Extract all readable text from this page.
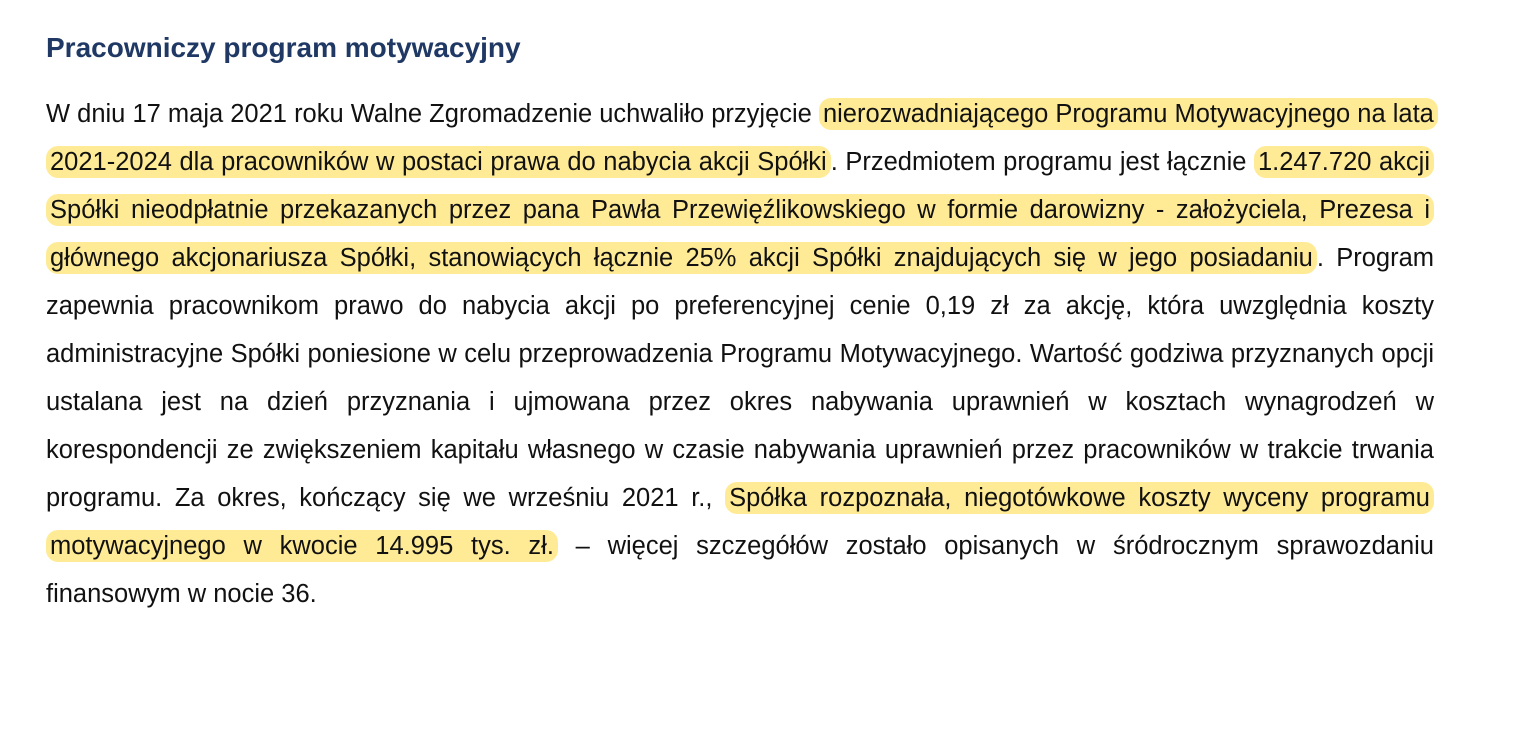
Pracowniczy program motywacyjny

W dniu 17 maja 2021 roku Walne Zgromadzenie uchwaliło przyjęcie nierozwadniającego Programu Motywacyjnego na lata 2021-2024 dla pracowników w postaci prawa do nabycia akcji Spółki . Przedmiotem programu jest łącznie 1.247.720 akcji Spółki nieodpłatnie przekazanych przez pana Pawła Przewięźlikowskiego w formie darowizny - założyciela, Prezesa i głównego akcjonariusza Spółki, stanowiących łącznie 25% akcji Spółki znajdujących się w jego posiadaniu . Program zapewnia pracownikom prawo do nabycia akcji po preferencyjnej cenie 0,19 zł za akcję, która uwzględnia koszty administracyjne Spółki poniesione w celu przeprowadzenia Programu Motywacyjnego. Wartość godziwa przyznanych opcji ustalana jest na dzień przyznania i ujmowana przez okres nabywania uprawnień w kosztach wynagrodzeń w korespondencji ze zwiększeniem kapitału własnego w czasie nabywania uprawnień przez pracowników w trakcie trwania programu. Za okres, kończący się we wrześniu 2021 r., Spółka rozpoznała, niegotówkowe koszty wyceny programu motywacyjnego w kwocie 14.995 tys. zł. – więcej szczegółów zostało opisanych w śródrocznym sprawozdaniu finansowym w nocie 36.
